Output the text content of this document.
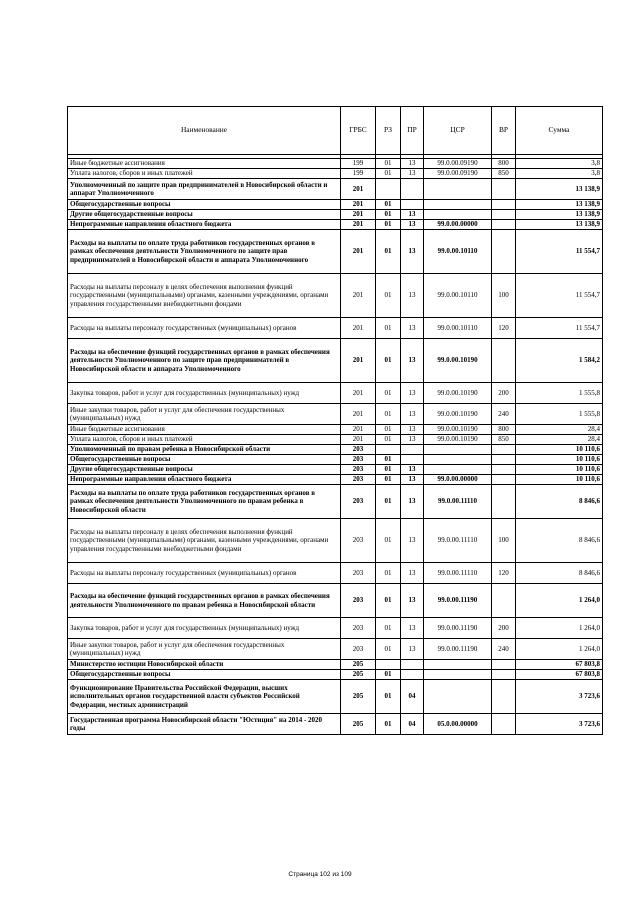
Наименование	ГРБС	РЗ	ПР	ЦСР	ВР	Сумма

Иные бюджетные ассигнования	199	01	13	99.0.00.09190	800	3,8
Уплата налогов, сборов и иных платежей	199	01	13	99.0.00.09190	850	3,8
Уполномоченный по защите прав предпринимателей в Новосибирской области и аппарат Уполномоченного	201					13 138,9
Общегосударственные вопросы	201	01				13 138,9
Другие общегосударственные вопросы	201	01	13			13 138,9
Непрограммные направления областного бюджета	201	01	13	99.0.00.00000		13 138,9
Расходы на выплаты по оплате труда работников государственных органов в рамках обеспечения деятельности Уполномоченного по защите прав предпринимателей в Новосибирской области и аппарата Уполномоченного	201	01	13	99.0.00.10110		11 554,7
Расходы на выплаты персоналу в целях обеспечения выполнения функций государственными (муниципальными) органами, казенными учреждениями, органами управления государственными внебюджетными фондами	201	01	13	99.0.00.10110	100	11 554,7
Расходы на выплаты персоналу государственных (муниципальных) органов	201	01	13	99.0.00.10110	120	11 554,7
Расходы на обеспечение функций государственных органов в рамках обеспечения деятельности Уполномоченного по защите прав предпринимателей в Новосибирской области и аппарата Уполномоченного	201	01	13	99.0.00.10190		1 584,2
Закупка товаров, работ и услуг для государственных (муниципальных) нужд	201	01	13	99.0.00.10190	200	1 555,8
Иные закупки товаров, работ и услуг для обеспечения государственных (муниципальных) нужд	201	01	13	99.0.00.10190	240	1 555,8
Иные бюджетные ассигнования	201	01	13	99.0.00.10190	800	28,4
Уплата налогов, сборов и иных платежей	201	01	13	99.0.00.10190	850	28,4
Уполномоченный по правам ребенка в Новосибирской области	203					10 110,6
Общегосударственные вопросы	203	01				10 110,6
Другие общегосударственные вопросы	203	01	13			10 110,6
Непрограммные направления областного бюджета	203	01	13	99.0.00.00000		10 110,6
Расходы на выплаты по оплате труда работников государственных органов в рамках обеспечения деятельности Уполномоченного по правам ребенка в Новосибирской области	203	01	13	99.0.00.11110		8 846,6
Расходы на выплаты персоналу в целях обеспечения выполнения функций государственными (муниципальными) органами, казенными учреждениями, органами управления государственными внебюджетными фондами	203	01	13	99.0.00.11110	100	8 846,6
Расходы на выплаты персоналу государственных (муниципальных) органов	203	01	13	99.0.00.11110	120	8 846,6
Расходы на обеспечение функций государственных органов в рамках обеспечения деятельности Уполномоченного по правам ребенка в Новосибирской области	203	01	13	99.0.00.11190		1 264,0
Закупка товаров, работ и услуг для государственных (муниципальных) нужд	203	01	13	99.0.00.11190	200	1 264,0
Иные закупки товаров, работ и услуг для обеспечения государственных (муниципальных) нужд	203	01	13	99.0.00.11190	240	1 264,0
Министерство юстиции Новосибирской области	205					67 803,8
Общегосударственные вопросы	205	01				67 803,8
Функционирование Правительства Российской Федерации, высших исполнительных органов государственной власти субъектов Российской Федерации, местных администраций	205	01	04			3 723,6
Государственная программа Новосибирской области "Юстиция" на 2014 - 2020 годы	205	01	04	05.0.00.00000		3 723,6
Страница 102 из 109
